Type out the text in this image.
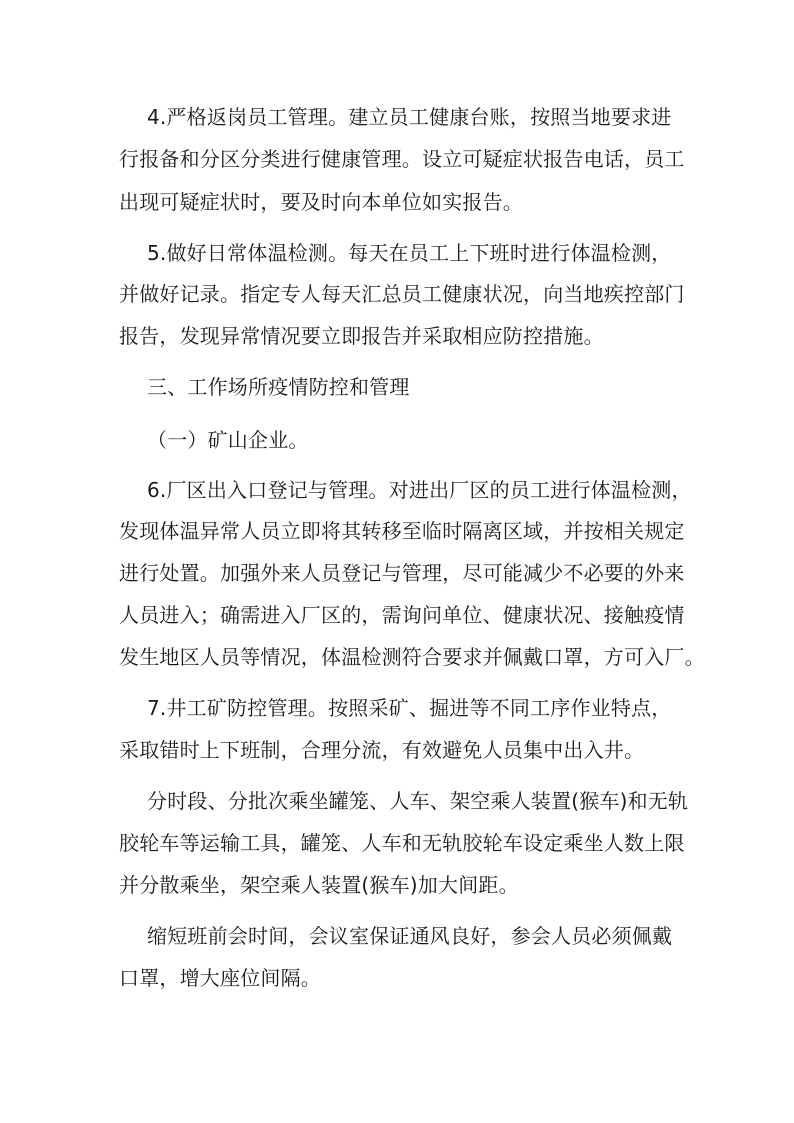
4.严格返岗员工管理。建立员工健康台账，按照当地要求进
行报备和分区分类进行健康管理。设立可疑症状报告电话，员工
出现可疑症状时，要及时向本单位如实报告。
5.做好日常体温检测。每天在员工上下班时进行体温检测，
并做好记录。指定专人每天汇总员工健康状况，向当地疾控部门
报告，发现异常情况要立即报告并采取相应防控措施。
三、工作场所疫情防控和管理
（一）矿山企业。
6.厂区出入口登记与管理。对进出厂区的员工进行体温检测，
发现体温异常人员立即将其转移至临时隔离区域，并按相关规定
进行处置。加强外来人员登记与管理，尽可能减少不必要的外来
人员进入；确需进入厂区的，需询问单位、健康状况、接触疫情
发生地区人员等情况，体温检测符合要求并佩戴口罩，方可入厂。
7.井工矿防控管理。按照采矿、掘进等不同工序作业特点，
采取错时上下班制，合理分流，有效避免人员集中出入井。
分时段、分批次乘坐罐笼、人车、架空乘人装置(猴车)和无轨
胶轮车等运输工具，罐笼、人车和无轨胶轮车设定乘坐人数上限
并分散乘坐，架空乘人装置(猴车)加大间距。
缩短班前会时间，会议室保证通风良好，参会人员必须佩戴
口罩，增大座位间隔。
